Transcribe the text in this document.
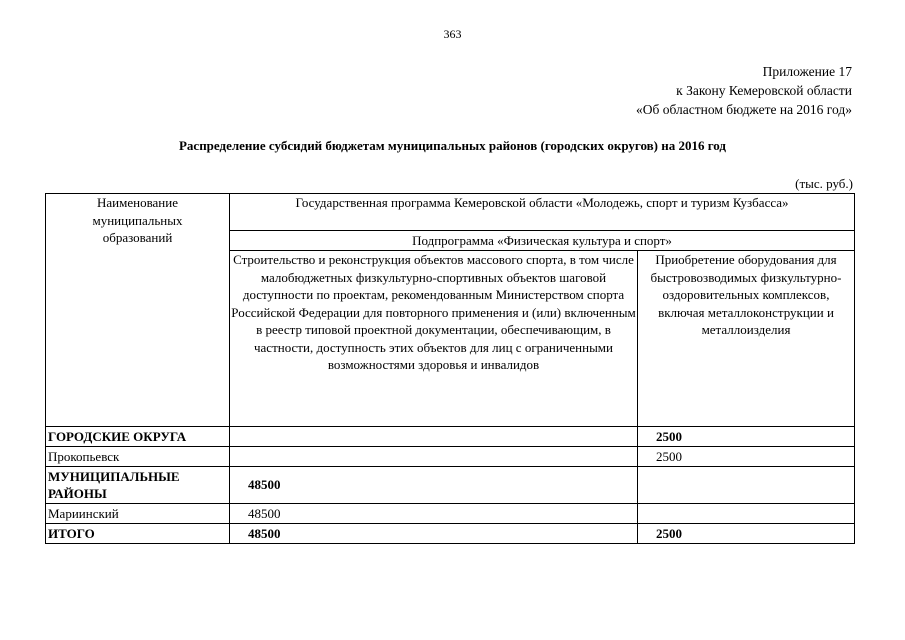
363
Приложение 17
к Закону Кемеровской области
«Об областном бюджете на 2016 год»
Распределение субсидий бюджетам муниципальных районов (городских округов) на 2016 год
(тыс. руб.)
Наименование муниципальных образований	Государственная программа Кемеровской области «Молодежь, спорт и туризм Кузбасса»	
	Подпрограмма «Физическая культура и спорт»	
	Строительство и реконструкция объектов массового спорта, в том числе малобюджетных физкультурно-спортивных объектов шаговой доступности по проектам, рекомендованным Министерством спорта Российской Федерации для повторного применения и (или) включенным в реестр типовой проектной документации, обеспечивающим, в частности, доступность этих объектов для лиц с ограниченными возможностями здоровья и инвалидов	Приобретение оборудования для быстровозводимых физкультурно-оздоровительных комплексов, включая металлоконструкции и металлоизделия
ГОРОДСКИЕ ОКРУГА		2500
Прокопьевск		2500
МУНИЦИПАЛЬНЫЕ РАЙОНЫ	48500	
Мариинский	48500	
ИТОГО	48500	2500
